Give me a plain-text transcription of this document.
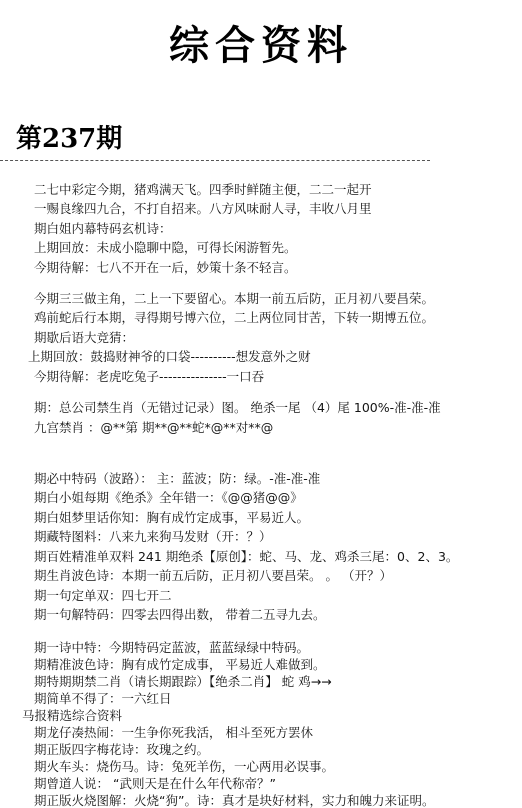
综合资料
第237期
二七中彩定今期，猪鸡满天飞。四季时鲜随主便，二二一起开
一赐良缘四九合，不打自招来。八方风味耐人寻，丰收八月里
期白姐内幕特码玄机诗：
上期回放：未成小隐聊中隐，可得长闲游暂先。
今期待解：七八不开在一后，妙策十条不轻言。
今期三三做主角，二上一下要留心。本期一前五后防，正月初八要昌荣。
鸡前蛇后行本期，寻得期号博六位，二上两位同甘苦，下转一期博五位。
期歇后语大竞猜：
上期回放：鼓捣财神爷的口袋----------想发意外之财
今期待解：老虎吃兔子---------------一口吞
期：总公司禁生肖（无错过记录）图。 绝杀一尾 （4）尾 100%-准-准-准
九宫禁肖 ：@**第 期**@**蛇*@**对**@
期必中特码（波路）： 主：蓝波；防：绿。-准-准-准
期白小姐每期《绝杀》全年错一：《@@猪@@》
期白姐梦里话你知：胸有成竹定成事，平易近人。
期藏特图料：八来九来狗马发财（开：？）
期百姓精准单双料 241 期绝杀【原创】：蛇、马、龙、鸡杀三尾：0、2、3。
期生肖波色诗：本期一前五后防，正月初八要昌荣。 。 （开？）
期一句定单双：四七开二
期一句解特码：四零去四得出数， 带着二五寻九去。
期一诗中特：今期特码定蓝波，蓝蓝绿绿中特码。
期精准波色诗：胸有成竹定成事， 平易近人难做到。
期特期期禁二肖（请长期跟踪）【绝杀二肖】 蛇 鸡→→
期简单不得了：一六红日
马报精选综合资料
期龙仔凑热闹：一生争你死我活， 相斗至死方罢休
期正版四字梅花诗：玫瑰之约。
期火车头：烧伤马。诗：兔死羊伤，一心两用必误事。
期曾道人说： “武则天是在什么年代称帝？”
期正版火烧图解：火烧“狗”。诗：真才是块好材料，实力和魄力来证明。
